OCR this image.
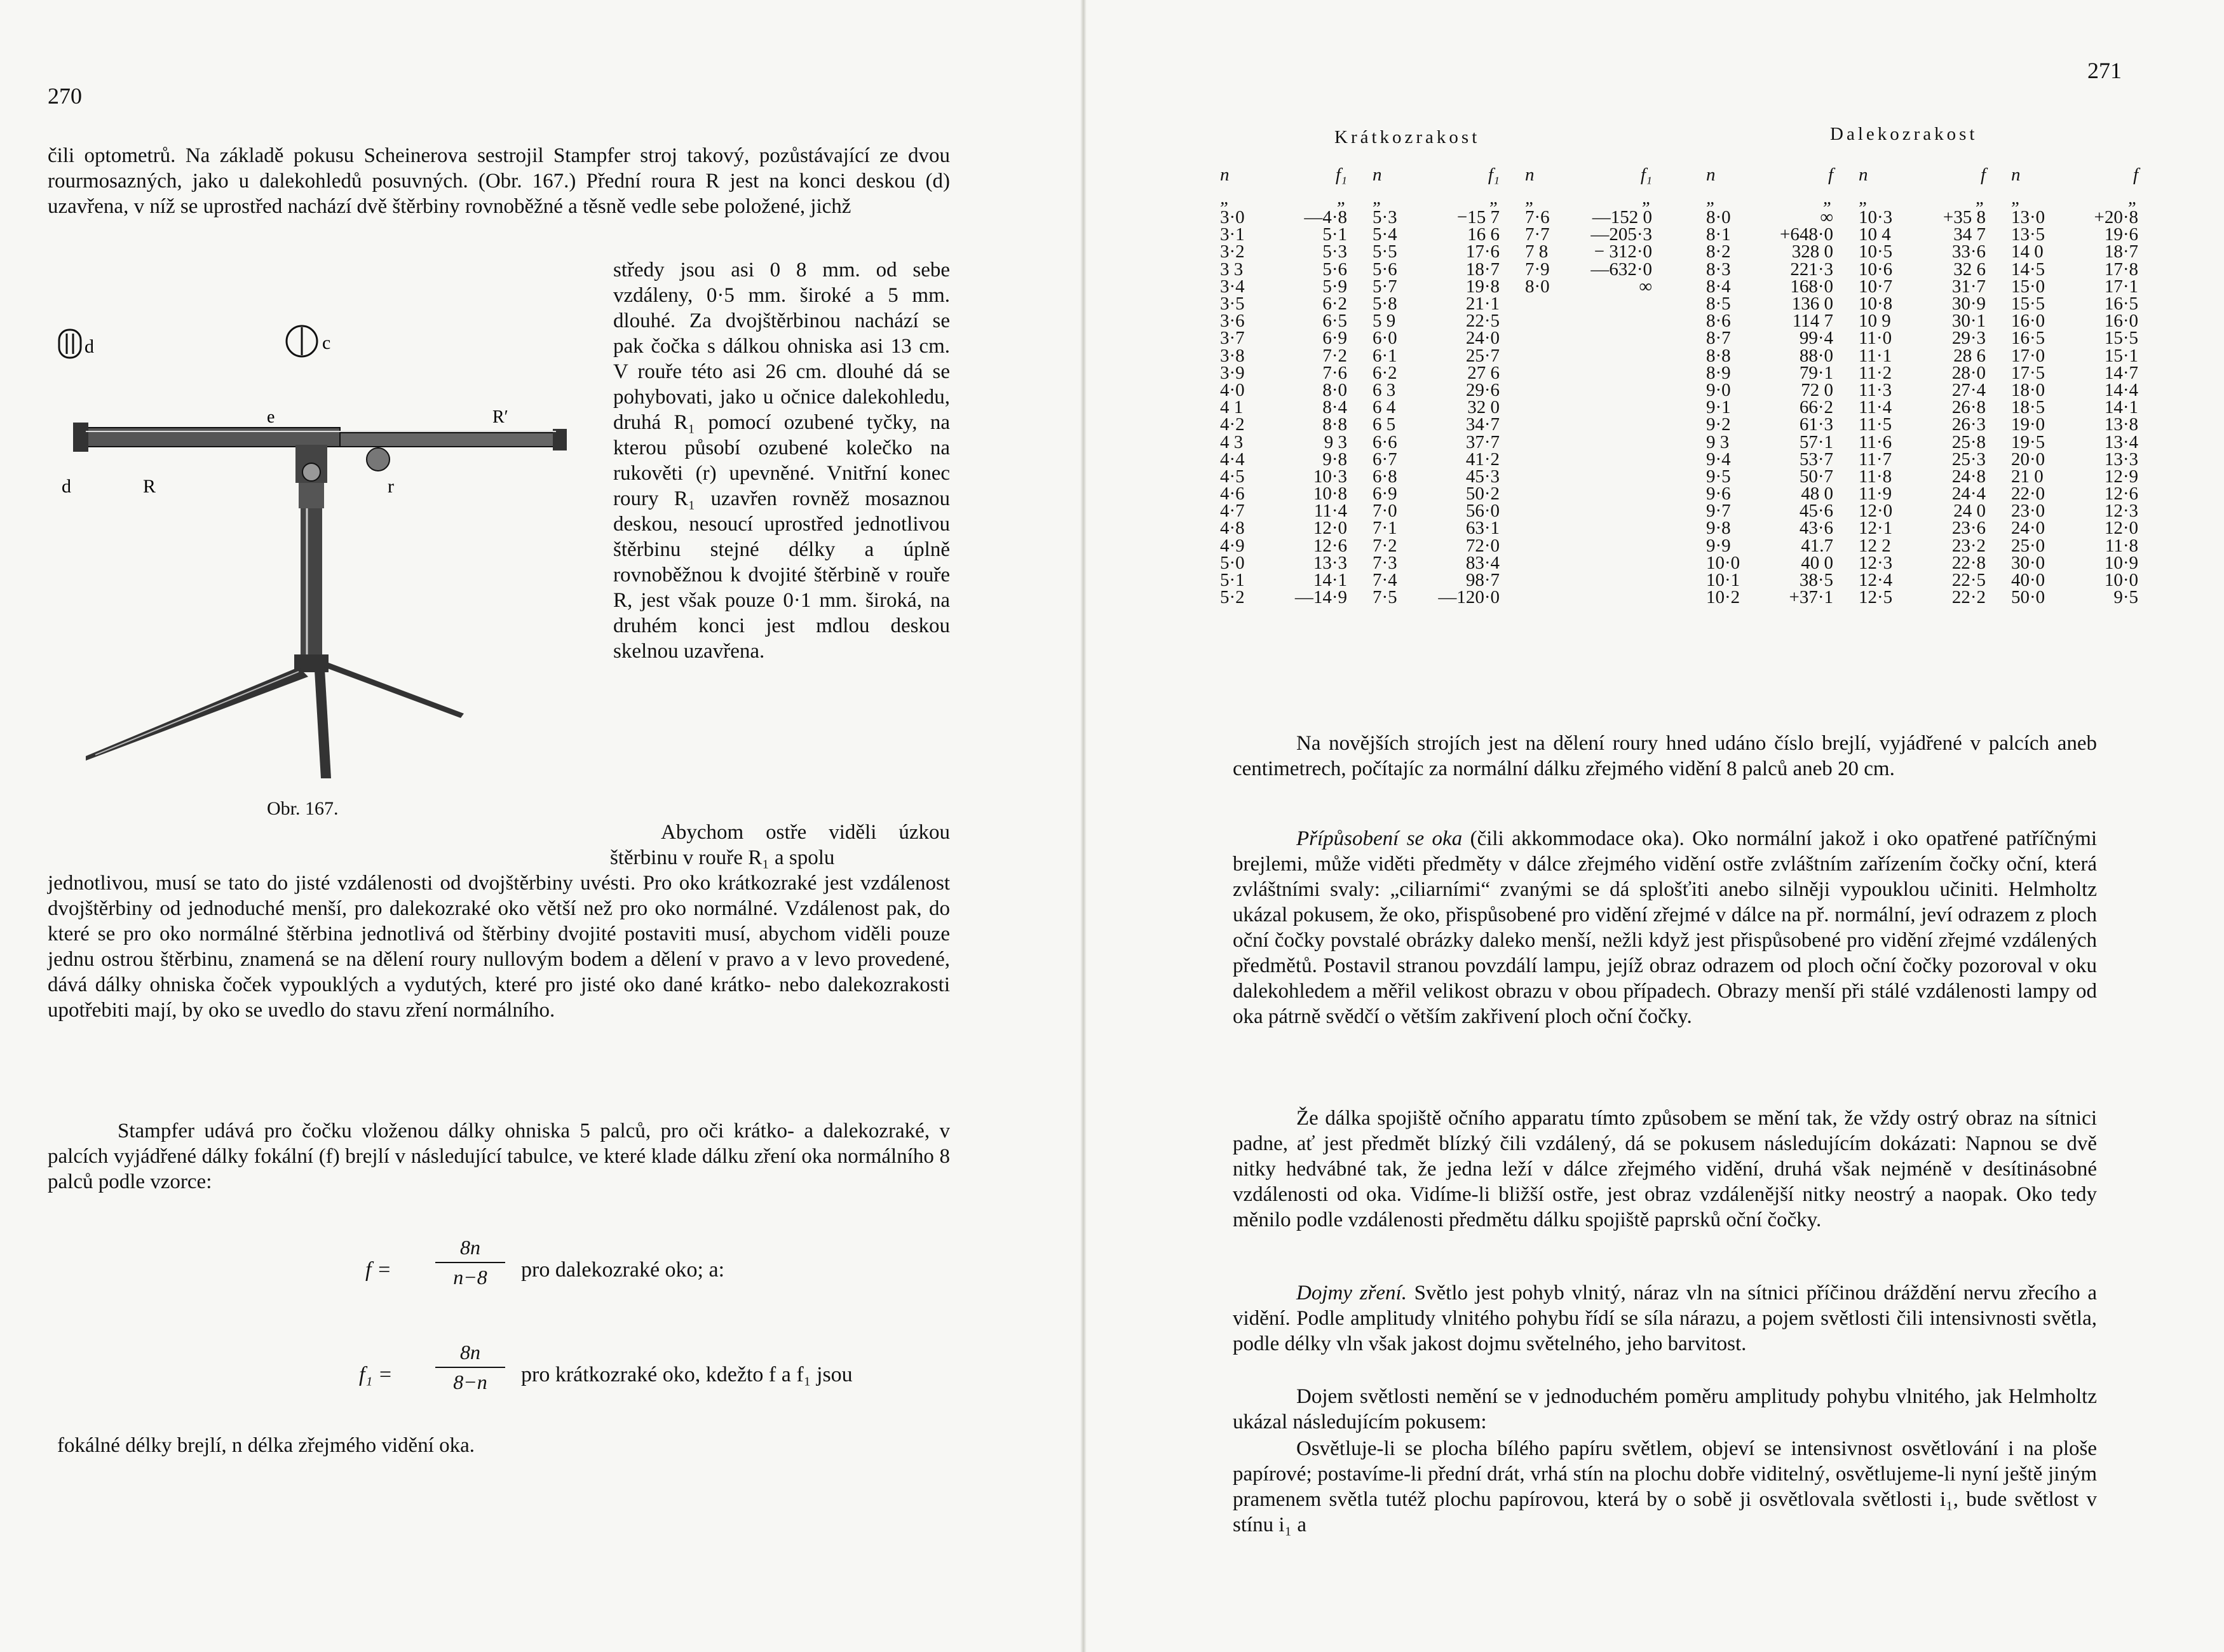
270

čili optometrů. Na základě pokusu Scheinerova sestrojil Stampfer stroj takový, pozůstávající ze dvou rourmosazných, jako u dalekohledů posuvných. (Obr. 167.) Přední roura R jest na konci deskou (d) uzavřena, v níž se uprostřed nachází dvě štěrbiny rovnoběžné a těsně vedle sebe položené, jichž

d	c
e	R′
d	R	r

středy jsou asi 0 8 mm. od sebe vzdáleny, 0·5 mm. široké a 5 mm. dlouhé. Za dvojštěrbinou nachází se pak čočka s dálkou ohniska asi 13 cm. V rouře této asi 26 cm. dlouhé dá se pohybovati, jako u očnice dalekohledu, druhá R₁ pomocí ozubené tyčky, na kterou působí ozubené kolečko na rukověti (r) upevněné. Vnitřní konec roury R₁ uzavřen rovněž mosaznou deskou, nesoucí uprostřed jednotlivou štěrbinu stejné délky a úplně rovnoběžnou k dvojité štěrbině v rouře R, jest však pouze 0·1 mm. široká, na druhém konci jest mdlou deskou skelnou uzavřena.

Obr. 167.

Abychom ostře viděli úzkou štěrbinu v rouře R₁ a spolu

jednotlivou, musí se tato do jisté vzdálenosti od dvojštěrbiny uvésti. Pro oko krátkozraké jest vzdálenost dvojštěrbiny od jednoduché menší, pro dalekozraké oko větší než pro oko normálné. Vzdálenost pak, do které se pro oko normálné štěrbina jednotlivá od štěrbiny dvojité postaviti musí, abychom viděli pouze jednu ostrou štěrbinu, znamená se na dělení roury nullovým bodem a dělení v pravo a v levo provedené, dává dálky ohniska čoček vypouklých a vydutých, které pro jisté oko dané krátko- nebo dalekozrakosti upotřebiti mají, by oko se uvedlo do stavu zření normálního.

Stampfer udává pro čočku vloženou dálky ohniska 5 palců, pro oči krátko- a dalekozraké, v palcích vyjádřené dálky fokální (f) brejlí v následující tabulce, ve které klade dálku zření oka normálního 8 palců podle vzorce:

f =
8n
n−8	pro dalekozraké oko; a:
f₁ =
8n
8−n	pro krátkozraké oko, kdežto f a f₁ jsou

fokálné délky brejlí, n délka zřejmého vidění oka.

271
Krátkozrakost	Dalekozrakost
n	f₁		n	f₁		n	f₁
„	„		„	„		„	„
3·0	—4·8		5·3	−15 7		7·6	—152 0
3·1	5·1		5·4	16 6		7·7	—205·3
3·2	5·3		5·5	17·6		7 8	− 312·0
3 3	5·6		5·6	18·7		7·9	—632·0
3·4	5·9		5·7	19·8		8·0	∞
3·5	6·2		5·8	21·1			
3·6	6·5		5 9	22·5			
3·7	6·9		6·0	24·0			
3·8	7·2		6·1	25·7			
3·9	7·6		6·2	27 6			
4·0	8·0		6 3	29·6			
4 1	8·4		6 4	32 0			
4·2	8·8		6 5	34·7			
4 3	9 3		6·6	37·7			
4·4	9·8		6·7	41·2			
4·5	10·3		6·8	45·3			
4·6	10·8		6·9	50·2			
4·7	11·4		7·0	56·0			
4·8	12·0		7·1	63·1			
4·9	12·6		7·2	72·0			
5·0	13·3		7·3	83·4			
5·1	14·1		7·4	98·7			
5·2	—14·9		7·5	—120·0			
n	f		n	f		n	f
„	„		„	„		„	„
8·0	∞		10·3	+35 8		13·0	+20·8
8·1	+648·0		10 4	34 7		13·5	19·6
8·2	328 0		10·5	33·6		14 0	18·7
8·3	221·3		10·6	32 6		14·5	17·8
8·4	168·0		10·7	31·7		15·0	17·1
8·5	136 0		10·8	30·9		15·5	16·5
8·6	114 7		10 9	30·1		16·0	16·0
8·7	99·4		11·0	29·3		16·5	15·5
8·8	88·0		11·1	28 6		17·0	15·1
8·9	79·1		11·2	28·0		17·5	14·7
9·0	72 0		11·3	27·4		18·0	14·4
9·1	66·2		11·4	26·8		18·5	14·1
9·2	61·3		11·5	26·3		19·0	13·8
9 3	57·1		11·6	25·8		19·5	13·4
9·4	53·7		11·7	25·3		20·0	13·3
9·5	50·7		11·8	24·8		21 0	12·9
9·6	48 0		11·9	24·4		22·0	12·6
9·7	45·6		12·0	24 0		23·0	12·3
9·8	43·6		12·1	23·6		24·0	12·0
9·9	41.7		12 2	23·2		25·0	11·8
10·0	40 0		12·3	22·8		30·0	10·9
10·1	38·5		12·4	22·5		40·0	10·0
10·2	+37·1		12·5	22·2		50·0	9·5

Na novějších strojích jest na dělení roury hned udáno číslo brejlí, vyjádřené v palcích aneb centimetrech, počítajíc za normální dálku zřejmého vidění 8 palců aneb 20 cm.

Přípůsobení se oka (čili akkommodace oka). Oko normální jakož i oko opatřené patříčnými brejlemi, může viděti předměty v dálce zřejmého vidění ostře zvláštním zařízením čočky oční, která zvláštními svaly: „ciliarními“ zvanými se dá splošťiti anebo silněji vypouklou učiniti. Helmholtz ukázal pokusem, že oko, přispůsobené pro vidění zřejmé v dálce na př. normální, jeví odrazem z ploch oční čočky povstalé obrázky daleko menší, nežli když jest přispůsobené pro vidění zřejmé vzdálených předmětů. Postavil stranou povzdálí lampu, jejíž obraz odrazem od ploch oční čočky pozoroval v oku dalekohledem a měřil velikost obrazu v obou případech. Obrazy menší při stálé vzdálenosti lampy od oka pátrně svědčí o větším zakřivení ploch oční čočky.

Že dálka spojiště očního apparatu tímto způsobem se mění tak, že vždy ostrý obraz na sítnici padne, ať jest předmět blízký čili vzdálený, dá se pokusem následujícím dokázati: Napnou se dvě nitky hedvábné tak, že jedna leží v dálce zřejmého vidění, druhá však nejméně v desítinásobné vzdálenosti od oka. Vidíme-li bližší ostře, jest obraz vzdálenější nitky neostrý a naopak. Oko tedy měnilo podle vzdálenosti předmětu dálku spojiště paprsků oční čočky.

Dojmy zření. Světlo jest pohyb vlnitý, náraz vln na sítnici příčinou dráždění nervu zřecího a vidění. Podle amplitudy vlnitého pohybu řídí se síla nárazu, a pojem světlosti čili intensivnosti světla, podle délky vln však jakost dojmu světelného, jeho barvitost.

Dojem světlosti nemění se v jednoduchém poměru amplitudy pohybu vlnitého, jak Helmholtz ukázal následujícím pokusem:

Osvětluje-li se plocha bílého papíru světlem, objeví se intensivnost osvětlování i na ploše papírové; postavíme-li přední drát, vrhá stín na plochu dobře viditelný, osvětlujeme-li nyní ještě jiným pramenem světla tutéž plochu papírovou, která by o sobě ji osvětlovala světlosti i₁, bude světlost v stínu i₁ a
